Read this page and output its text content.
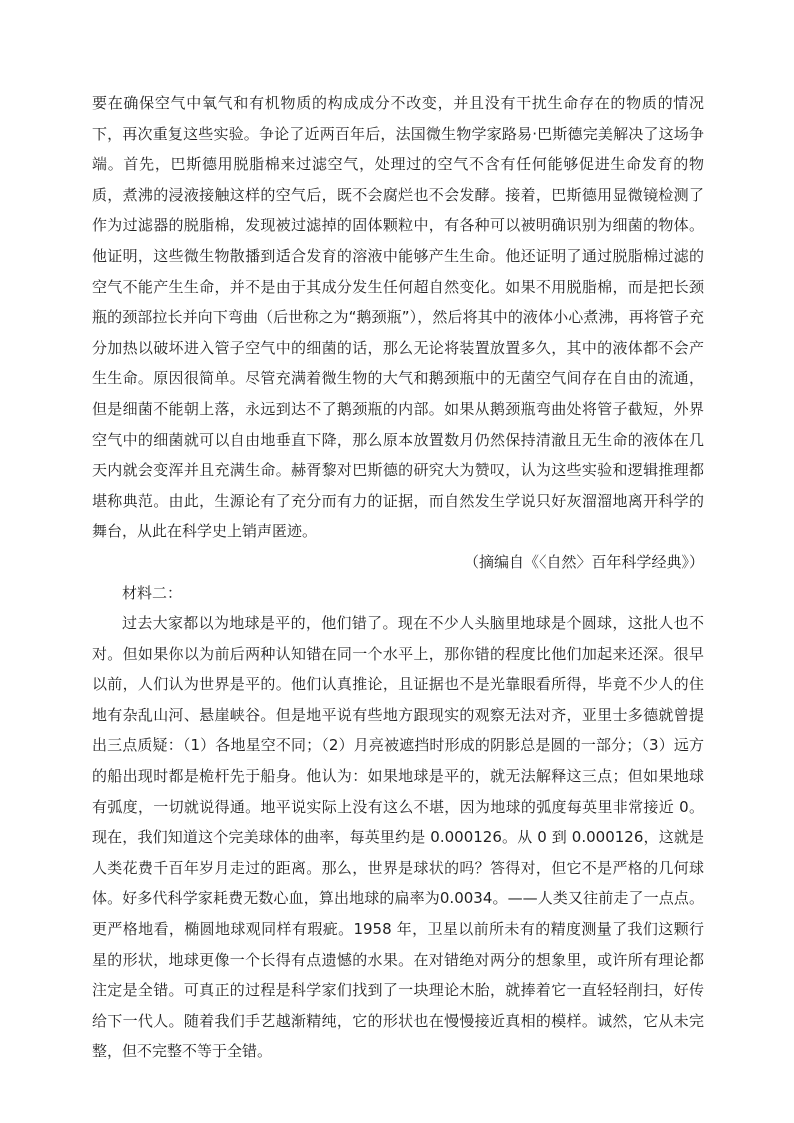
要在确保空气中氧气和有机物质的构成成分不改变，并且没有干扰生命存在的物质的情况下，再次重复这些实验。争论了近两百年后，法国微生物学家路易·巴斯德完美解决了这场争端。首先，巴斯德用脱脂棉来过滤空气，处理过的空气不含有任何能够促进生命发育的物质，煮沸的浸液接触这样的空气后，既不会腐烂也不会发酵。接着，巴斯德用显微镜检测了作为过滤器的脱脂棉，发现被过滤掉的固体颗粒中，有各种可以被明确识别为细菌的物体。他证明，这些微生物散播到适合发育的溶液中能够产生生命。他还证明了通过脱脂棉过滤的空气不能产生生命，并不是由于其成分发生任何超自然变化。如果不用脱脂棉，而是把长颈瓶的颈部拉长并向下弯曲（后世称之为“鹅颈瓶”），然后将其中的液体小心煮沸，再将管子充分加热以破坏进入管子空气中的细菌的话，那么无论将装置放置多久，其中的液体都不会产生生命。原因很简单。尽管充满着微生物的大气和鹅颈瓶中的无菌空气间存在自由的流通，但是细菌不能朝上落，永远到达不了鹅颈瓶的内部。如果从鹅颈瓶弯曲处将管子截短，外界空气中的细菌就可以自由地垂直下降，那么原本放置数月仍然保持清澈且无生命的液体在几天内就会变浑并且充满生命。赫胥黎对巴斯德的研究大为赞叹，认为这些实验和逻辑推理都堪称典范。由此，生源论有了充分而有力的证据，而自然发生学说只好灰溜溜地离开科学的舞台，从此在科学史上销声匿迹。

（摘编自《〈自然〉百年科学经典》）

材料二：

过去大家都以为地球是平的，他们错了。现在不少人头脑里地球是个圆球，这批人也不对。但如果你以为前后两种认知错在同一个水平上，那你错的程度比他们加起来还深。很早以前，人们认为世界是平的。他们认真推论，且证据也不是光靠眼看所得，毕竟不少人的住地有杂乱山河、悬崖峡谷。但是地平说有些地方跟现实的观察无法对齐，亚里士多德就曾提出三点质疑：（1）各地星空不同；（2）月亮被遮挡时形成的阴影总是圆的一部分；（3）远方的船出现时都是桅杆先于船身。他认为：如果地球是平的，就无法解释这三点；但如果地球有弧度，一切就说得通。地平说实际上没有这么不堪，因为地球的弧度每英里非常接近 0。现在，我们知道这个完美球体的曲率，每英里约是 0.000126。从 0 到 0.000126，这就是人类花费千百年岁月走过的距离。那么，世界是球状的吗？答得对，但它不是严格的几何球体。好多代科学家耗费无数心血，算出地球的扁率为0.0034。——人类又往前走了一点点。更严格地看，椭圆地球观同样有瑕疵。1958 年，卫星以前所未有的精度测量了我们这颗行星的形状，地球更像一个长得有点遗憾的水果。在对错绝对两分的想象里，或许所有理论都注定是全错。可真正的过程是科学家们找到了一块理论木胎，就捧着它一直轻轻削扫，好传给下一代人。随着我们手艺越渐精纯，它的形状也在慢慢接近真相的模样。诚然，它从未完整，但不完整不等于全错。
